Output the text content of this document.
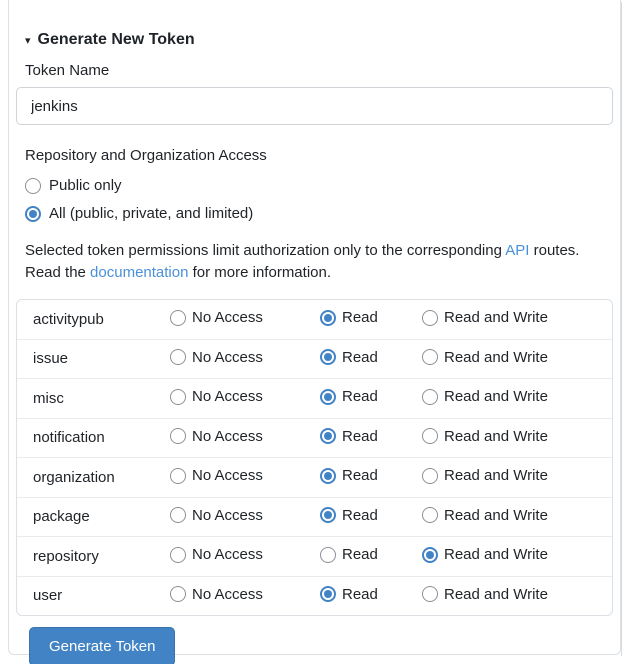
▾ Generate New Token
Token Name
jenkins
Repository and Organization Access
Public only
All (public, private, and limited)
Selected token permissions limit authorization only to the corresponding API routes. Read the documentation for more information.
activitypub	No Access	Read	Read and Write

issue	No Access	Read	Read and Write

misc	No Access	Read	Read and Write

notification	No Access	Read	Read and Write

organization	No Access	Read	Read and Write

package	No Access	Read	Read and Write

repository	No Access	Read	Read and Write

user	No Access	Read	Read and Write
Generate Token
